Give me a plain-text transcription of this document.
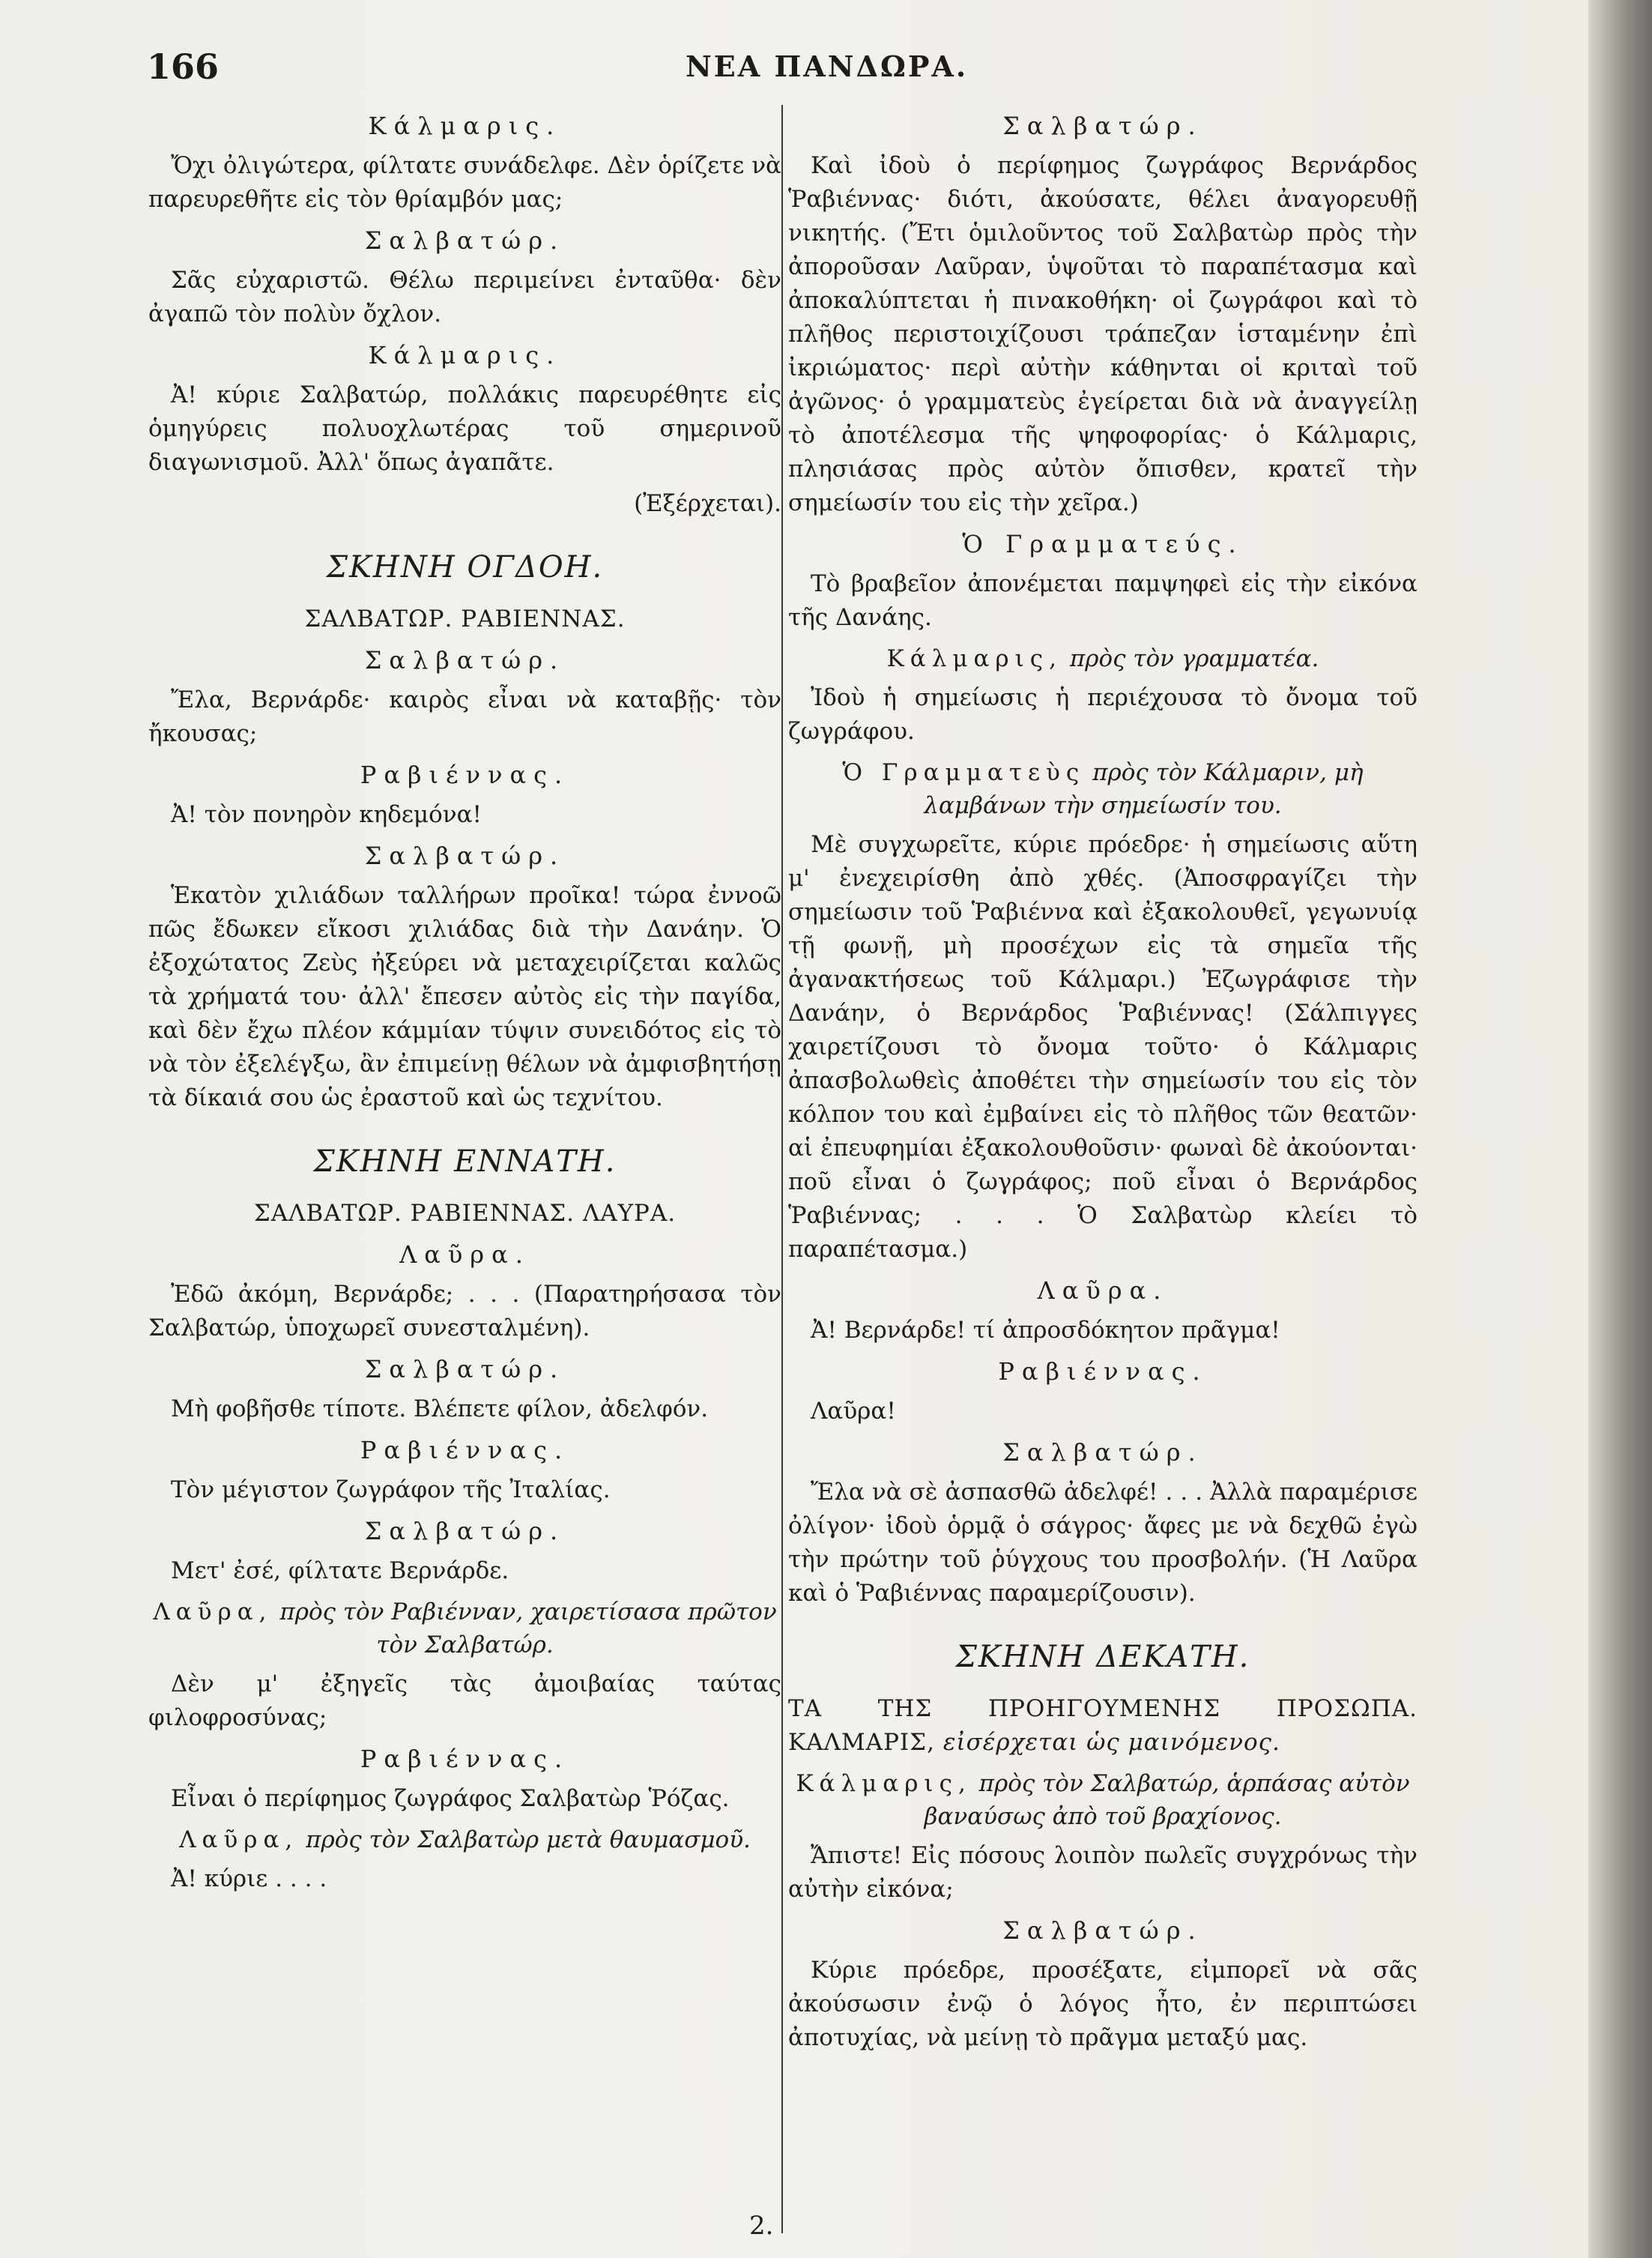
166	ΝΕΑ ΠΑΝΔΩΡΑ.
Κάλμαρις.

Ὄχι ὀλιγώτερα, φίλτατε συνάδελφε. Δὲν ὁρίζετε νὰ παρευρεθῆτε εἰς τὸν θρίαμβόν μας;

Σαλβατώρ.

Σᾶς εὐχαριστῶ. Θέλω περιμείνει ἐνταῦθα· δὲν ἀγαπῶ τὸν πολὺν ὄχλον.

Κάλμαρις.

Ἀ! κύριε Σαλβατώρ, πολλάκις παρευρέθητε εἰς ὁμηγύρεις πολυοχλωτέρας τοῦ σημερινοῦ διαγωνισμοῦ. Ἀλλ' ὅπως ἀγαπᾶτε.

(Ἐξέρχεται).
ΣΚΗΝΗ ΟΓΔΟΗ.
ΣΑΛΒΑΤΩΡ. ΡΑΒΙΕΝΝΑΣ.
Σαλβατώρ.

Ἔλα, Βερνάρδε· καιρὸς εἶναι νὰ καταβῇς· τὸν ἤκουσας;

Ραβιέννας.

Ἀ! τὸν πονηρὸν κηδεμόνα!

Σαλβατώρ.

Ἑκατὸν χιλιάδων ταλλήρων προῖκα! τώρα ἐννοῶ πῶς ἔδωκεν εἴκοσι χιλιάδας διὰ τὴν Δανάην. Ὁ ἐξοχώτατος Ζεὺς ἠξεύρει νὰ μεταχειρίζεται καλῶς τὰ χρήματά του· ἀλλ' ἔπεσεν αὐτὸς εἰς τὴν παγίδα, καὶ δὲν ἔχω πλέον κάμμίαν τύψιν συνειδότος εἰς τὸ νὰ τὸν ἐξελέγξω, ἂν ἐπιμείνῃ θέλων νὰ ἀμφισβητήσῃ τὰ δίκαιά σου ὡς ἐραστοῦ καὶ ὡς τεχνίτου.

ΣΚΗΝΗ ΕΝΝΑΤΗ.
ΣΑΛΒΑΤΩΡ. ΡΑΒΙΕΝΝΑΣ. ΛΑΥΡΑ.
Λαῦρα.

Ἐδῶ ἀκόμη, Βερνάρδε; . . . (Παρατηρήσασα τὸν Σαλβατώρ, ὑποχωρεῖ συνεσταλμένη).

Σαλβατώρ.

Μὴ φοβῆσθε τίποτε. Βλέπετε φίλον, ἀδελφόν.

Ραβιέννας.

Τὸν μέγιστον ζωγράφον τῆς Ἰταλίας.

Σαλβατώρ.

Μετ' ἐσέ, φίλτατε Βερνάρδε.

Λαῦρα, πρὸς τὸν Ραβιένναν, χαιρετίσασα πρῶτον τὸν Σαλβατώρ.

Δὲν μ' ἐξηγεῖς τὰς ἀμοιβαίας ταύτας φιλοφροσύνας;

Ραβιέννας.

Εἶναι ὁ περίφημος ζωγράφος Σαλβατὼρ Ῥόζας.

Λαῦρα, πρὸς τὸν Σαλβατὼρ μετὰ θαυμασμοῦ.

Ἀ! κύριε . . . .

Σαλβατώρ.

Καὶ ἰδοὺ ὁ περίφημος ζωγράφος Βερνάρδος Ῥαβιέννας· διότι, ἀκούσατε, θέλει ἀναγορευθῇ νικητής. (Ἔτι ὁμιλοῦντος τοῦ Σαλβατὼρ πρὸς τὴν ἀποροῦσαν Λαῦραν, ὑψοῦται τὸ παραπέτασμα καὶ ἀποκαλύπτεται ἡ πινακοθήκη· οἱ ζωγράφοι καὶ τὸ πλῆθος περιστοιχίζουσι τράπεζαν ἱσταμένην ἐπὶ ἰκριώματος· περὶ αὐτὴν κάθηνται οἱ κριταὶ τοῦ ἀγῶνος· ὁ γραμματεὺς ἐγείρεται διὰ νὰ ἀναγγείλῃ τὸ ἀποτέλεσμα τῆς ψηφοφορίας· ὁ Κάλμαρις, πλησιάσας πρὸς αὐτὸν ὄπισθεν, κρατεῖ τὴν σημείωσίν του εἰς τὴν χεῖρα.)

Ὁ Γραμματεύς.

Τὸ βραβεῖον ἀπονέμεται παμψηφεὶ εἰς τὴν εἰκόνα τῆς Δανάης.

Κάλμαρις, πρὸς τὸν γραμματέα.

Ἰδοὺ ἡ σημείωσις ἡ περιέχουσα τὸ ὄνομα τοῦ ζωγράφου.

Ὁ Γραμματεὺς πρὸς τὸν Κάλμαριν, μὴ λαμβάνων τὴν σημείωσίν του.

Μὲ συγχωρεῖτε, κύριε πρόεδρε· ἡ σημείωσις αὕτη μ' ἐνεχειρίσθη ἀπὸ χθές. (Ἀποσφραγίζει τὴν σημείωσιν τοῦ Ῥαβιέννα καὶ ἐξακολουθεῖ, γεγωνυίᾳ τῇ φωνῇ, μὴ προσέχων εἰς τὰ σημεῖα τῆς ἀγανακτήσεως τοῦ Κάλμαρι.) Ἐζωγράφισε τὴν Δανάην, ὁ Βερνάρδος Ῥαβιέννας! (Σάλπιγγες χαιρετίζουσι τὸ ὄνομα τοῦτο· ὁ Κάλμαρις ἀπασβολωθεὶς ἀποθέτει τὴν σημείωσίν του εἰς τὸν κόλπον του καὶ ἐμβαίνει εἰς τὸ πλῆθος τῶν θεατῶν· αἱ ἐπευφημίαι ἐξακολουθοῦσιν· φωναὶ δὲ ἀκούονται· ποῦ εἶναι ὁ ζωγράφος; ποῦ εἶναι ὁ Βερνάρδος Ῥαβιέννας; . . . Ὁ Σαλβατὼρ κλείει τὸ παραπέτασμα.)

Λαῦρα.

Ἀ! Βερνάρδε! τί ἀπροσδόκητον πρᾶγμα!

Ραβιέννας.

Λαῦρα!

Σαλβατώρ.

Ἔλα νὰ σὲ ἀσπασθῶ ἀδελφέ! . . . Ἀλλὰ παραμέρισε ὀλίγον· ἰδοὺ ὁρμᾷ ὁ σάγρος· ἄφες με νὰ δεχθῶ ἐγὼ τὴν πρώτην τοῦ ῥύγχους του προσβολήν. (Ἡ Λαῦρα καὶ ὁ Ῥαβιέννας παραμερίζουσιν).

ΣΚΗΝΗ ΔΕΚΑΤΗ.
ΤΑ ΤΗΣ ΠΡΟΗΓΟΥΜΕΝΗΣ ΠΡΟΣΩΠΑ. ΚΑΛΜΑΡΙΣ, εἰσέρχεται ὡς μαινόμενος.
Κάλμαρις, πρὸς τὸν Σαλβατώρ, ἁρπάσας αὐτὸν βαναύσως ἀπὸ τοῦ βραχίονος.

Ἄπιστε! Εἰς πόσους λοιπὸν πωλεῖς συγχρόνως τὴν αὐτὴν εἰκόνα;

Σαλβατώρ.

Κύριε πρόεδρε, προσέξατε, εἰμπορεῖ νὰ σᾶς ἀκούσωσιν ἐνῷ ὁ λόγος ἦτο, ἐν περιπτώσει ἀποτυχίας, νὰ μείνῃ τὸ πρᾶγμα μεταξύ μας.

2.
